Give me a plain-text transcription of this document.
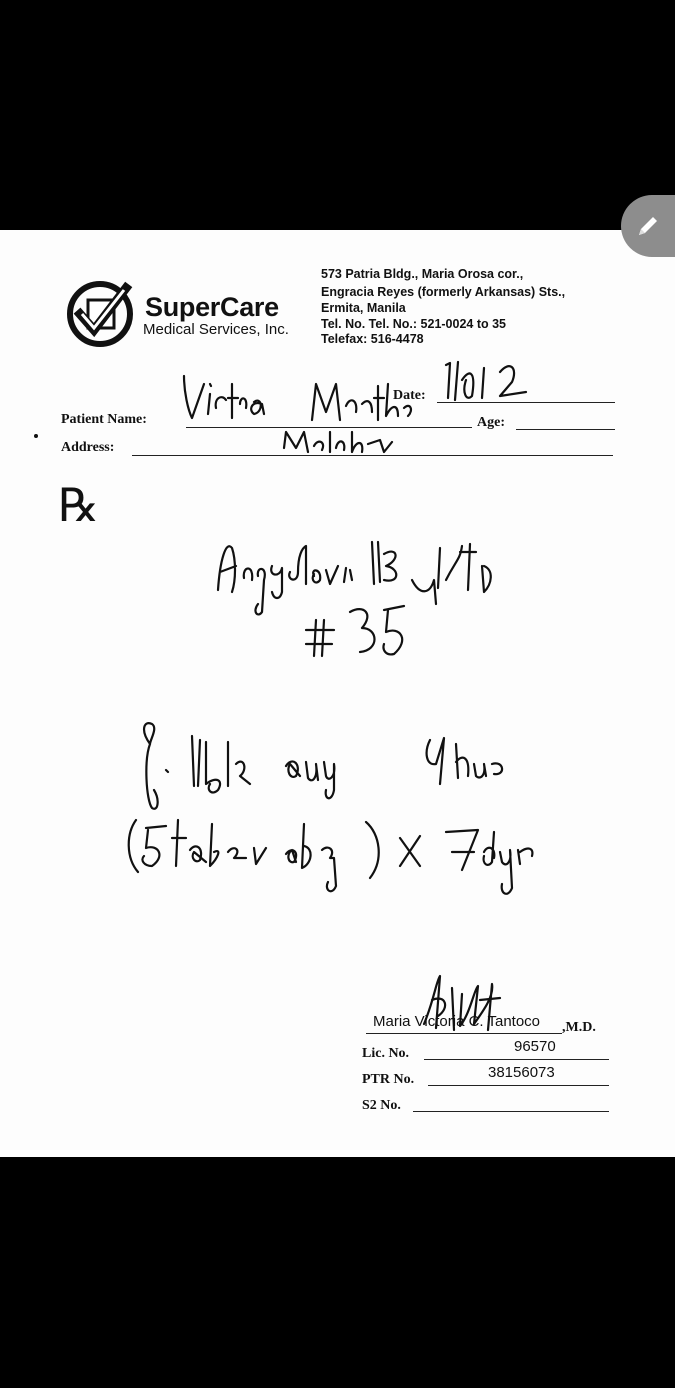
SuperCare
Medical Services, Inc.
573 Patria Bldg., Maria Orosa cor.,
Engracia Reyes (formerly Arkansas) Sts.,
Ermita, Manila
Tel. No. Tel. No.: 521-0024 to 35
Telefax: 516-4478
Date:
Patient Name:	Age:
Address:
℞
Maria Victoria C. Tantoco ,M.D.
Lic. No.	96570
PTR No.	38156073
S2 No.
